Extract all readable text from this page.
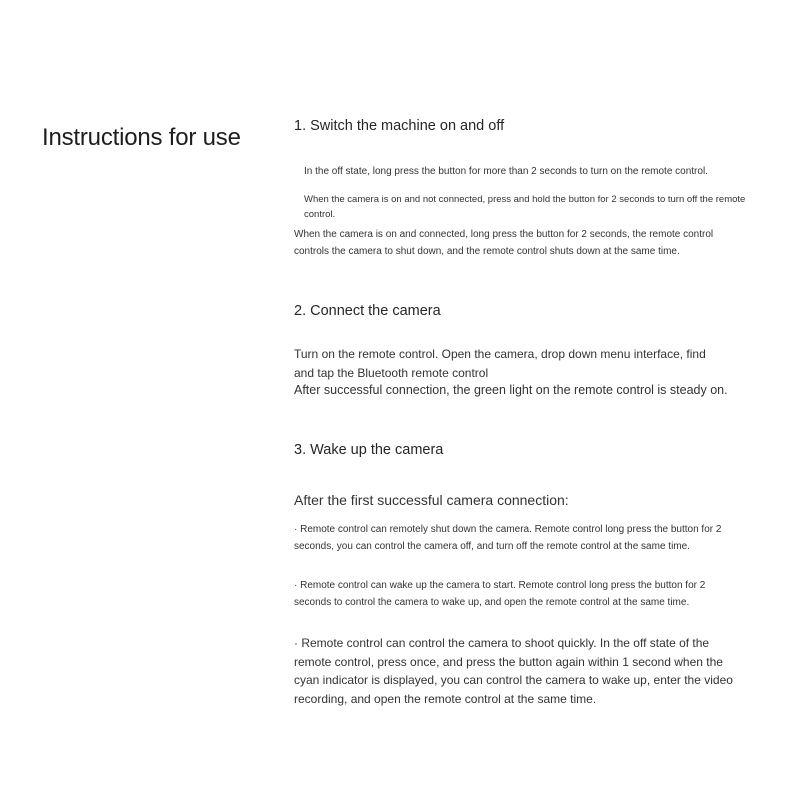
Instructions for use	1. Switch the machine on and off

In the off state, long press the button for more than 2 seconds to turn on the remote control.

When the camera is on and not connected, press and hold the button for 2 seconds to turn off the remote control.

When the camera is on and connected, long press the button for 2 seconds, the remote control controls the camera to shut down, and the remote control shuts down at the same time.

2. Connect the camera

Turn on the remote control. Open the camera, drop down menu interface, find and tap the Bluetooth remote control

After successful connection, the green light on the remote control is steady on.

3. Wake up the camera

After the first successful camera connection:

· Remote control can remotely shut down the camera. Remote control long press the button for 2 seconds, you can control the camera off, and turn off the remote control at the same time.

· Remote control can wake up the camera to start. Remote control long press the button for 2 seconds to control the camera to wake up, and open the remote control at the same time.

· Remote control can control the camera to shoot quickly. In the off state of the remote control, press once, and press the button again within 1 second when the cyan indicator is displayed, you can control the camera to wake up, enter the video recording, and open the remote control at the same time.
